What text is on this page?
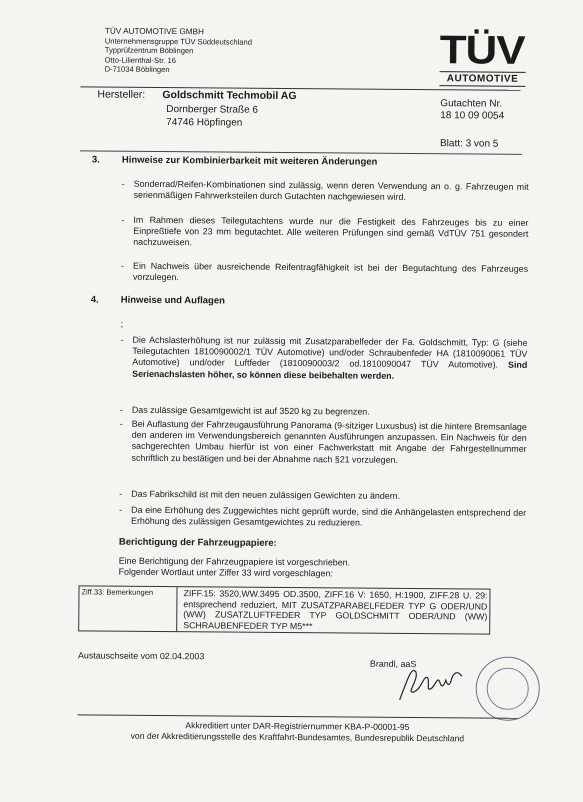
TÜV AUTOMOTIVE GMBH
Unternehmensgruppe TÜV Süddeutschland
Typprüfzentrum Böblingen
Otto-Lilienthal-Str. 16
D-71034 Böblingen	TÜV
AUTOMOTIVE
Gutachten Nr.
18 10 09 0054
Blatt: 3 von 5
Hersteller: Goldschmitt Techmobil AG
Dornberger Straße 6
74746 Höpfingen
3. Hinweise zur Kombinierbarkeit mit weiteren Änderungen
- Sonderrad/Reifen-Kombinationen sind zulässig, wenn deren Verwendung an o. g. Fahrzeugen mit serienmäßigen Fahrwerksteilen durch Gutachten nachgewiesen wird.
- Im Rahmen dieses Teilegutachtens wurde nur die Festigkeit des Fahrzeuges bis zu einer Einpreßtiefe von 23 mm begutachtet. Alle weiteren Prüfungen sind gemäß VdTÜV 751 gesondert nachzuweisen.
- Ein Nachweis über ausreichende Reifentragfähigkeit ist bei der Begutachtung des Fahrzeuges vorzulegen.
4. Hinweise und Auflagen
;
- Die Achslasterhöhung ist nur zulässig mit Zusatzparabelfeder der Fa. Goldschmitt, Typ: G (siehe Teilegutachten 1810090002/1 TÜV Automotive) und/oder Schraubenfeder HA (1810090061 TÜV Automotive) und/oder Luftfeder (1810090003/2 od.1810090047 TÜV Automotive). Sind Serienachslasten höher, so können diese beibehalten werden.
- Das zulässige Gesamtgewicht ist auf 3520 kg zu begrenzen.
- Bei Auflastung der Fahrzeugausführung Panorama (9-sitziger Luxusbus) ist die hintere Bremsanlage den anderen im Verwendungsbereich genannten Ausführungen anzupassen. Ein Nachweis für den sachgerechten Umbau hierfür ist von einer Fachwerkstatt mit Angabe der Fahrgestellnummer schriftlich zu bestätigen und bei der Abnahme nach §21 vorzulegen.
- Das Fabrikschild ist mit den neuen zulässigen Gewichten zu ändern.
- Da eine Erhöhung des Zuggewichtes nicht geprüft wurde, sind die Anhängelasten entsprechend der Erhöhung des zulässigen Gesamtgewichtes zu reduzieren.
Berichtigung der Fahrzeugpapiere:
Eine Berichtigung der Fahrzeugpapiere ist vorgeschrieben.
Folgender Wortlaut unter Ziffer 33 wird vorgeschlagen:
Ziff.33: Bemerkungen	ZIFF.15: 3520,WW.3495 OD.3500, ZIFF.16 V: 1650, H:1900, ZIFF.28 U. 29: entsprechend reduziert, MIT ZUSATZPARABELFEDER TYP G ODER/UND (WW) ZUSATZLUFTFEDER TYP GOLDSCHMITT ODER/UND (WW) SCHRAUBENFEDER TYP M5***
Austauschseite vom 02.04.2003
Brandl, aaS
Akkreditiert unter DAR-Registriernummer KBA-P-00001-95
von der Akkreditierungsstelle des Kraftfahrt-Bundesamtes, Bundesrepublik Deutschland
